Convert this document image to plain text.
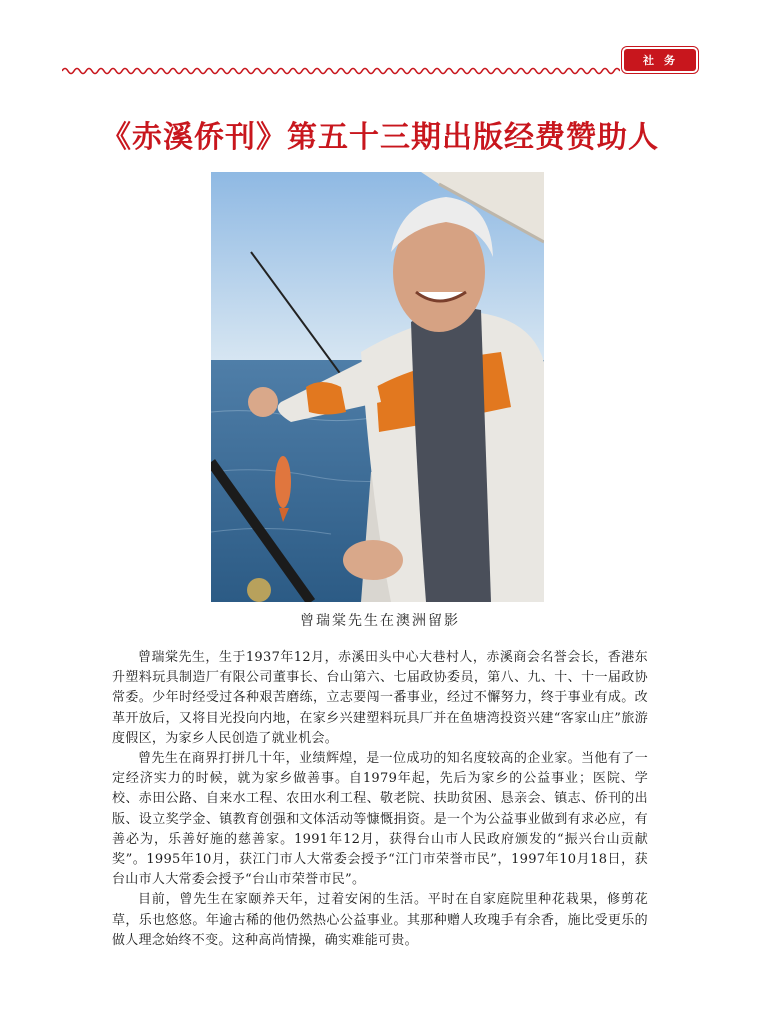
社务
《赤溪侨刊》第五十三期出版经费赞助人
曾瑞棠先生在澳洲留影

曾瑞棠先生，生于1937年12月，赤溪田头中心大巷村人，赤溪商会名誉会长，香港东升塑料玩具制造厂有限公司董事长、台山第六、七届政协委员，第八、九、十、十一届政协常委。少年时经受过各种艰苦磨练，立志要闯一番事业，经过不懈努力，终于事业有成。改革开放后，又将目光投向内地，在家乡兴建塑料玩具厂并在鱼塘湾投资兴建“客家山庄”旅游度假区，为家乡人民创造了就业机会。

曾先生在商界打拼几十年，业绩辉煌，是一位成功的知名度较高的企业家。当他有了一定经济实力的时候，就为家乡做善事。自1979年起，先后为家乡的公益事业；医院、学校、赤田公路、自来水工程、农田水利工程、敬老院、扶助贫困、恳亲会、镇志、侨刊的出版、设立奖学金、镇教育创强和文体活动等慷慨捐资。是一个为公益事业做到有求必应，有善必为，乐善好施的慈善家。1991年12月，获得台山市人民政府颁发的“振兴台山贡献奖”。1995年10月，获江门市人大常委会授予“江门市荣誉市民”，1997年10月18日，获台山市人大常委会授予“台山市荣誉市民”。

目前，曾先生在家颐养天年，过着安闲的生活。平时在自家庭院里种花栽果，修剪花草，乐也悠悠。年逾古稀的他仍然热心公益事业。其那种赠人玫瑰手有余香，施比受更乐的做人理念始终不变。这种高尚情操，确实难能可贵。
